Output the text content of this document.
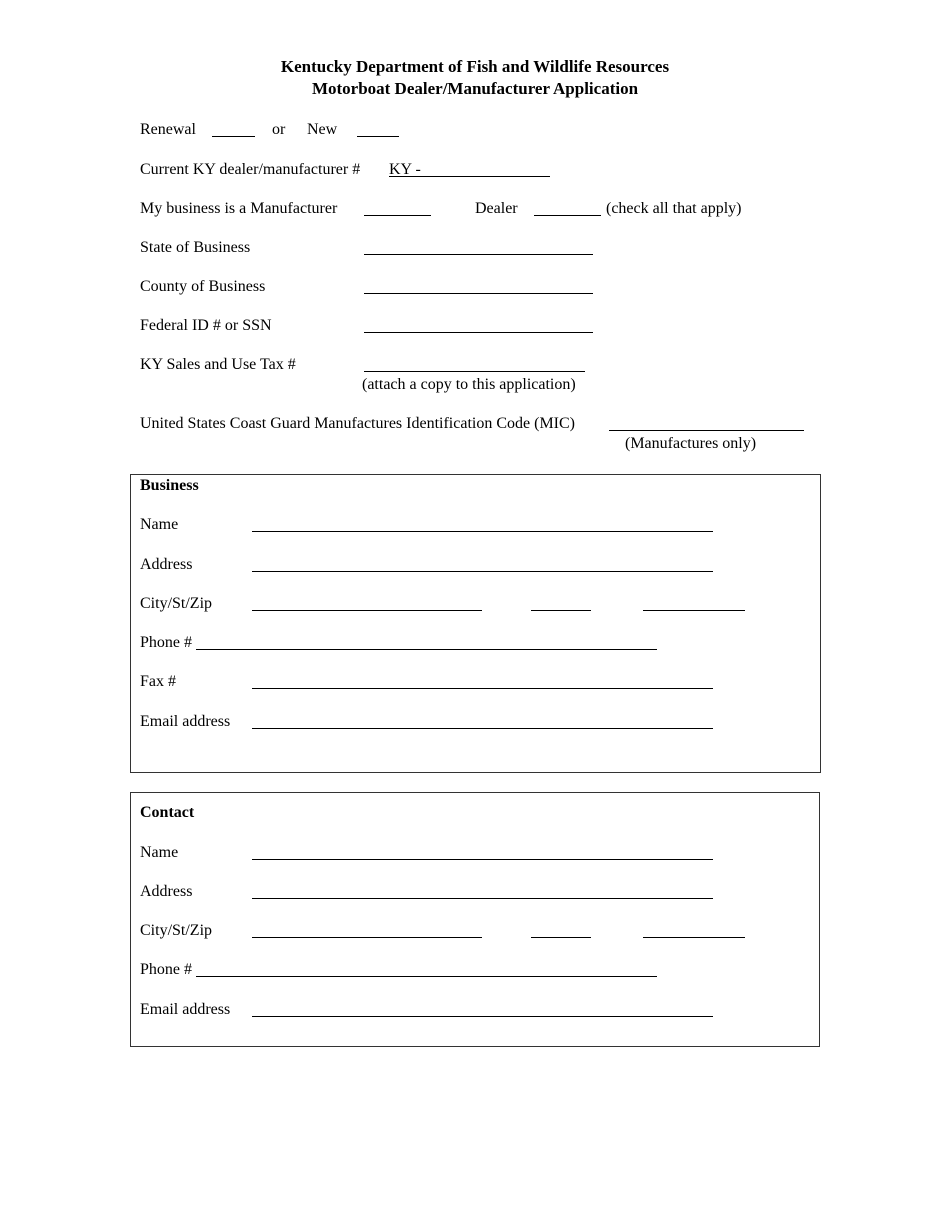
Kentucky Department of Fish and Wildlife Resources
Motorboat Dealer/Manufacturer Application
Renewal	or New
Current KY dealer/manufacturer # KY -
My business is a Manufacturer	Dealer	(check all that apply)
State of Business
County of Business
Federal ID # or SSN
KY Sales and Use Tax #
(attach a copy to this application)
United States Coast Guard Manufactures Identification Code (MIC)
(Manufactures only)
Business
Name
Address
City/St/Zip
Phone #
Fax #
Email address
Contact
Name
Address
City/St/Zip
Phone #
Email address
